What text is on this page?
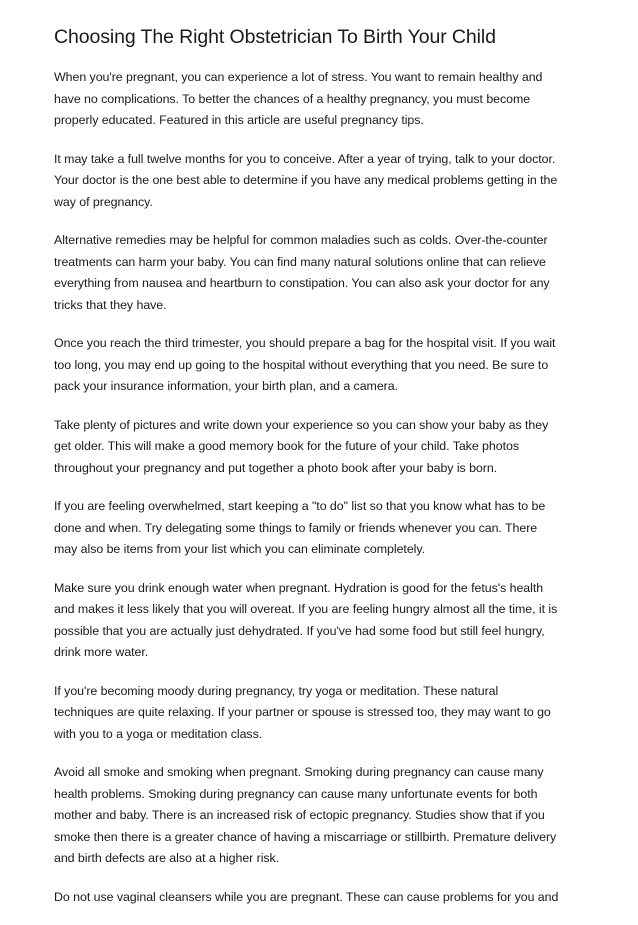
Choosing The Right Obstetrician To Birth Your Child

When you're pregnant, you can experience a lot of stress. You want to remain healthy and
have no complications. To better the chances of a healthy pregnancy, you must become
properly educated. Featured in this article are useful pregnancy tips.

It may take a full twelve months for you to conceive. After a year of trying, talk to your doctor.
Your doctor is the one best able to determine if you have any medical problems getting in the
way of pregnancy.

Alternative remedies may be helpful for common maladies such as colds. Over-the-counter
treatments can harm your baby. You can find many natural solutions online that can relieve
everything from nausea and heartburn to constipation. You can also ask your doctor for any
tricks that they have.

Once you reach the third trimester, you should prepare a bag for the hospital visit. If you wait
too long, you may end up going to the hospital without everything that you need. Be sure to
pack your insurance information, your birth plan, and a camera.

Take plenty of pictures and write down your experience so you can show your baby as they
get older. This will make a good memory book for the future of your child. Take photos
throughout your pregnancy and put together a photo book after your baby is born.

If you are feeling overwhelmed, start keeping a "to do" list so that you know what has to be
done and when. Try delegating some things to family or friends whenever you can. There
may also be items from your list which you can eliminate completely.

Make sure you drink enough water when pregnant. Hydration is good for the fetus's health
and makes it less likely that you will overeat. If you are feeling hungry almost all the time, it is
possible that you are actually just dehydrated. If you've had some food but still feel hungry,
drink more water.

If you're becoming moody during pregnancy, try yoga or meditation. These natural
techniques are quite relaxing. If your partner or spouse is stressed too, they may want to go
with you to a yoga or meditation class.

Avoid all smoke and smoking when pregnant. Smoking during pregnancy can cause many
health problems. Smoking during pregnancy can cause many unfortunate events for both
mother and baby. There is an increased risk of ectopic pregnancy. Studies show that if you
smoke then there is a greater chance of having a miscarriage or stillbirth. Premature delivery
and birth defects are also at a higher risk.

Do not use vaginal cleansers while you are pregnant. These can cause problems for you and
